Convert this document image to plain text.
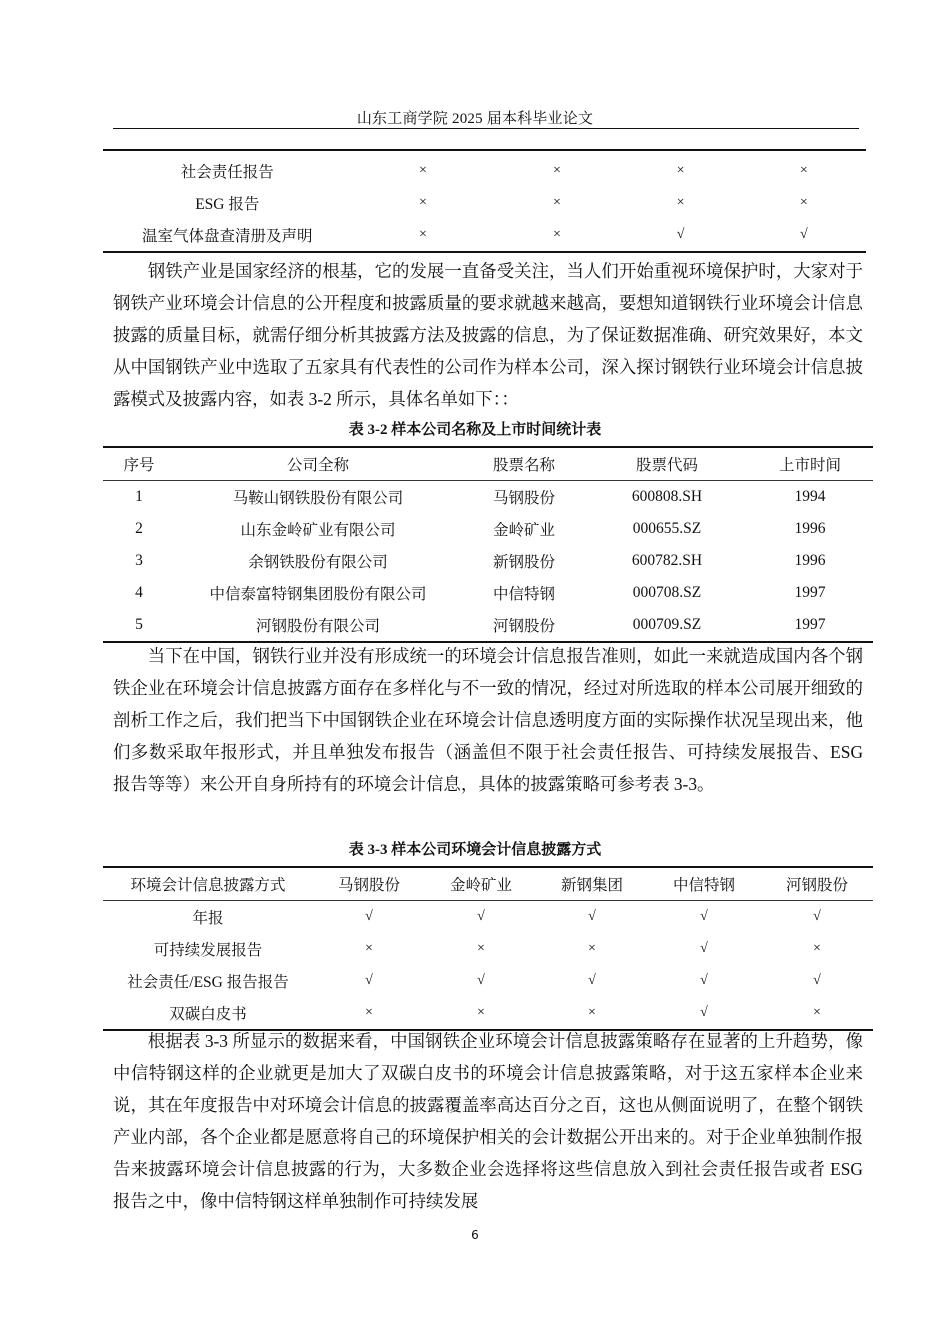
山东工商学院 2025 届本科毕业论文
社会责任报告	×	×	×	×
ESG 报告	×	×	×	×
温室气体盘查清册及声明	×	×	√	√

钢铁产业是国家经济的根基，它的发展一直备受关注，当人们开始重视环境保护时，大家对于钢铁产业环境会计信息的公开程度和披露质量的要求就越来越高，要想知道钢铁行业环境会计信息披露的质量目标，就需仔细分析其披露方法及披露的信息，为了保证数据准确、研究效果好，本文从中国钢铁产业中选取了五家具有代表性的公司作为样本公司，深入探讨钢铁行业环境会计信息披露模式及披露内容，如表 3-2 所示，具体名单如下：：

表 3-2 样本公司名称及上市时间统计表
序号	公司全称	股票名称	股票代码	上市时间
1	马鞍山钢铁股份有限公司	马钢股份	600808.SH	1994
2	山东金岭矿业有限公司	金岭矿业	000655.SZ	1996
3	余钢铁股份有限公司	新钢股份	600782.SH	1996
4	中信泰富特钢集团股份有限公司	中信特钢	000708.SZ	1997
5	河钢股份有限公司	河钢股份	000709.SZ	1997

当下在中国，钢铁行业并没有形成统一的环境会计信息报告准则，如此一来就造成国内各个钢铁企业在环境会计信息披露方面存在多样化与不一致的情况，经过对所选取的样本公司展开细致的剖析工作之后，我们把当下中国钢铁企业在环境会计信息透明度方面的实际操作状况呈现出来，他们多数采取年报形式，并且单独发布报告（涵盖但不限于社会责任报告、可持续发展报告、ESG 报告等等）来公开自身所持有的环境会计信息，具体的披露策略可参考表 3-3。

表 3-3 样本公司环境会计信息披露方式
环境会计信息披露方式	马钢股份	金岭矿业	新钢集团	中信特钢	河钢股份
年报	√	√	√	√	√
可持续发展报告	×	×	×	√	×
社会责任/ESG 报告报告	√	√	√	√	√
双碳白皮书	×	×	×	√	×

根据表 3-3 所显示的数据来看，中国钢铁企业环境会计信息披露策略存在显著的上升趋势，像中信特钢这样的企业就更是加大了双碳白皮书的环境会计信息披露策略，对于这五家样本企业来说，其在年度报告中对环境会计信息的披露覆盖率高达百分之百，这也从侧面说明了，在整个钢铁产业内部，各个企业都是愿意将自己的环境保护相关的会计数据公开出来的。对于企业单独制作报告来披露环境会计信息披露的行为，大多数企业会选择将这些信息放入到社会责任报告或者 ESG 报告之中，像中信特钢这样单独制作可持续发展

6
